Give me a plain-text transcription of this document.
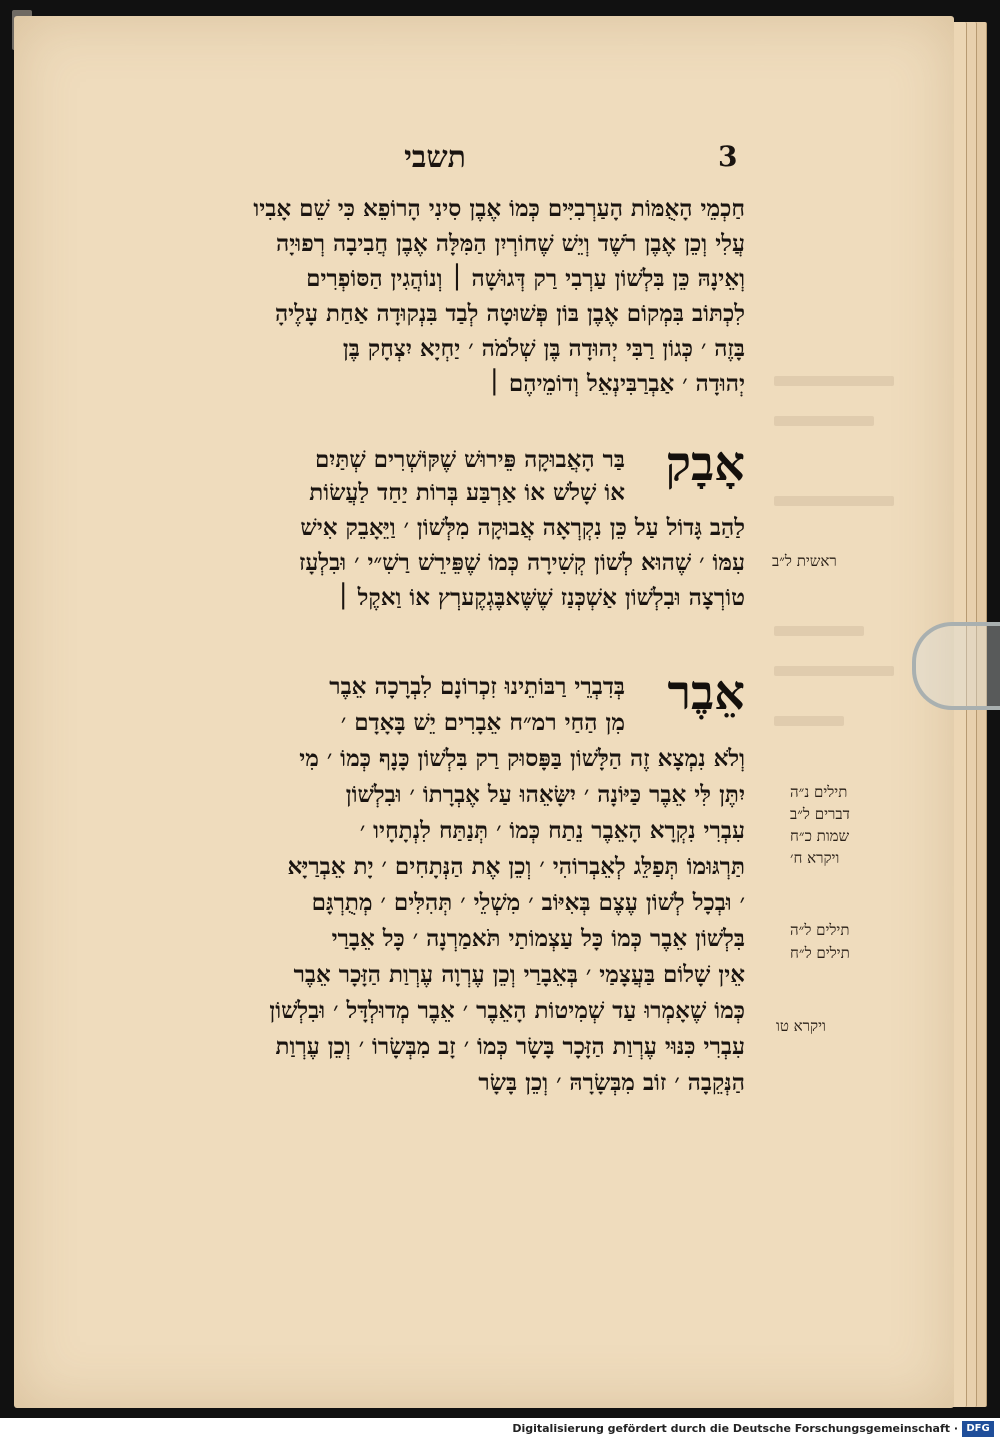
תשבי	3
חַכְמֵי הָאֻמּוֹת הָעַרְבִיִּים כְּמוֹ אֶבֶן סִינִי הָרוֹפֵא כִּי שֵׁם אָבִיו
עֲלִי וְכֵן אֶבֶן רֹשֶׁד וְיֵשׁ שֶׁחוֹרְיִן הַמִּלָּה אֶבֶן חֲבִיבָה רְפוּיָה
וְאֵינָהּ כֵּן בִּלְשׁוֹן עַרְבִי רַק דְּגוּשָׁה ׀ וְנוֹהֲגִין הַסּוֹפְרִים
לִכְתּוֹב בִּמְקוֹם אֶבֶן בּוֹן פְּשׁוּטָה לְבַד בִּנְקוּדָה אַחַת עָלֶיהָ
בָּזֶה ׳ כְּגוֹן רַבִּי יְהוּדָה בֶּן שְׁלֹמֹה ׳ יַחְיָא יִצְחָק בֶּן
יְהוּדָה ׳ אַבְרַבִּינְאֵל וְדוֹמֵיהֶם ׀
אָבָק
בַּר הָאֲבוּקָה פֵּירוּשׁ שֶׁקּוֹשְׁרִים שְׁתַּיִם
אוֹ שָׁלֹשׁ אוֹ אַרְבַּע בְּרוֹת יַחַד לַעֲשׂוֹת
לַהַב גָּדוֹל עַל כֵּן נִקְרְאָה אֲבוּקָה מִלְּשׁוֹן ׳ וַיֵּאָבֵק אִישׁ
עִמּוֹ ׳ שֶׁהוּא לְשׁוֹן קְשִׁירָה כְּמוֹ שֶׁפֵּירֵשׁ רַשִׁ״י ׳ וּבִלְעָז
טוֹרְצָה וּבִלְשׁוֹן אַשְׁכְּנַז שֶׁשֶּׁאבֶּגְקֶערְץ אוֹ וַאקֶל ׀
ראשית ל״ב
אֵבֶר
בְּדִבְרֵי רַבּוֹתֵינוּ זִכְרוֹנָם לִבְרָכָה אֵבֶר
מִן הַחַי רמ״ח אֵבָרִים יֵשׁ בָּאָדָם ׳
וְלֹא נִמְצָא זֶה הַלָּשׁוֹן בַּפָּסוּק רַק בִּלְשׁוֹן כָּנָף כְּמוֹ ׳ מִי
יִתֶּן לִּי אֵבֶר כַּיּוֹנָה ׳ יִשָּׂאֵהוּ עַל אֶבְרָתוֹ ׳ וּבִלְשׁוֹן
עִבְרִי נִקְרָא הָאֵבֶר נֵתַח כְּמוֹ ׳ תְּנַתַּח לִנְתָחָיו ׳
תַּרְגּוּמוֹ תְּפַלֵּג לְאֵבְרוֹהִי ׳ וְכֵן אֶת הַנְּתָחִים ׳ יָת אֵבְרַיָּא
׳ וּבְכָל לְשׁוֹן עֶצֶם בְּאִיּוֹב ׳ מִשְׁלֵי ׳ תְּהִלִּים ׳ מְתֻרְגָּם
בִּלְשׁוֹן אֵבֶר כְּמוֹ כָּל עַצְמוֹתַי תֹּאמַרְנָה ׳ כָּל אֵבָרַי
אֵין שָׁלוֹם בַּעֲצָמַי ׳ בְּאֵבָרַי וְכֵן עֶרְוָה עֶרְוַת הַזָּכָר אֵבֶר
כְּמוֹ שֶׁאָמְרוּ עַד שְׁמִיטוֹת הָאֵבֶר ׳ אֵבֶר מְדוּלְדָּל ׳ וּבִלְשׁוֹן
עִבְרִי כִּנּוּי עֶרְוַת הַזָּכָר בָּשָׂר כְּמוֹ ׳ זָב מִבְּשָׂרוֹ ׳ וְכֵן עֶרְוַת
הַנְּקֵבָה ׳ זוֹב מִבְּשָׂרָהּ ׳ וְכֵן בָּשָׂר
תילים נ״ה
דברים ל״ב
שמות כ״ח
ויקרא ח׳
תילים ל״ה
תילים ל״ח
ויקרא טו
Digitalisierung gefördert durch die Deutsche Forschungsgemeinschaft · DFG
